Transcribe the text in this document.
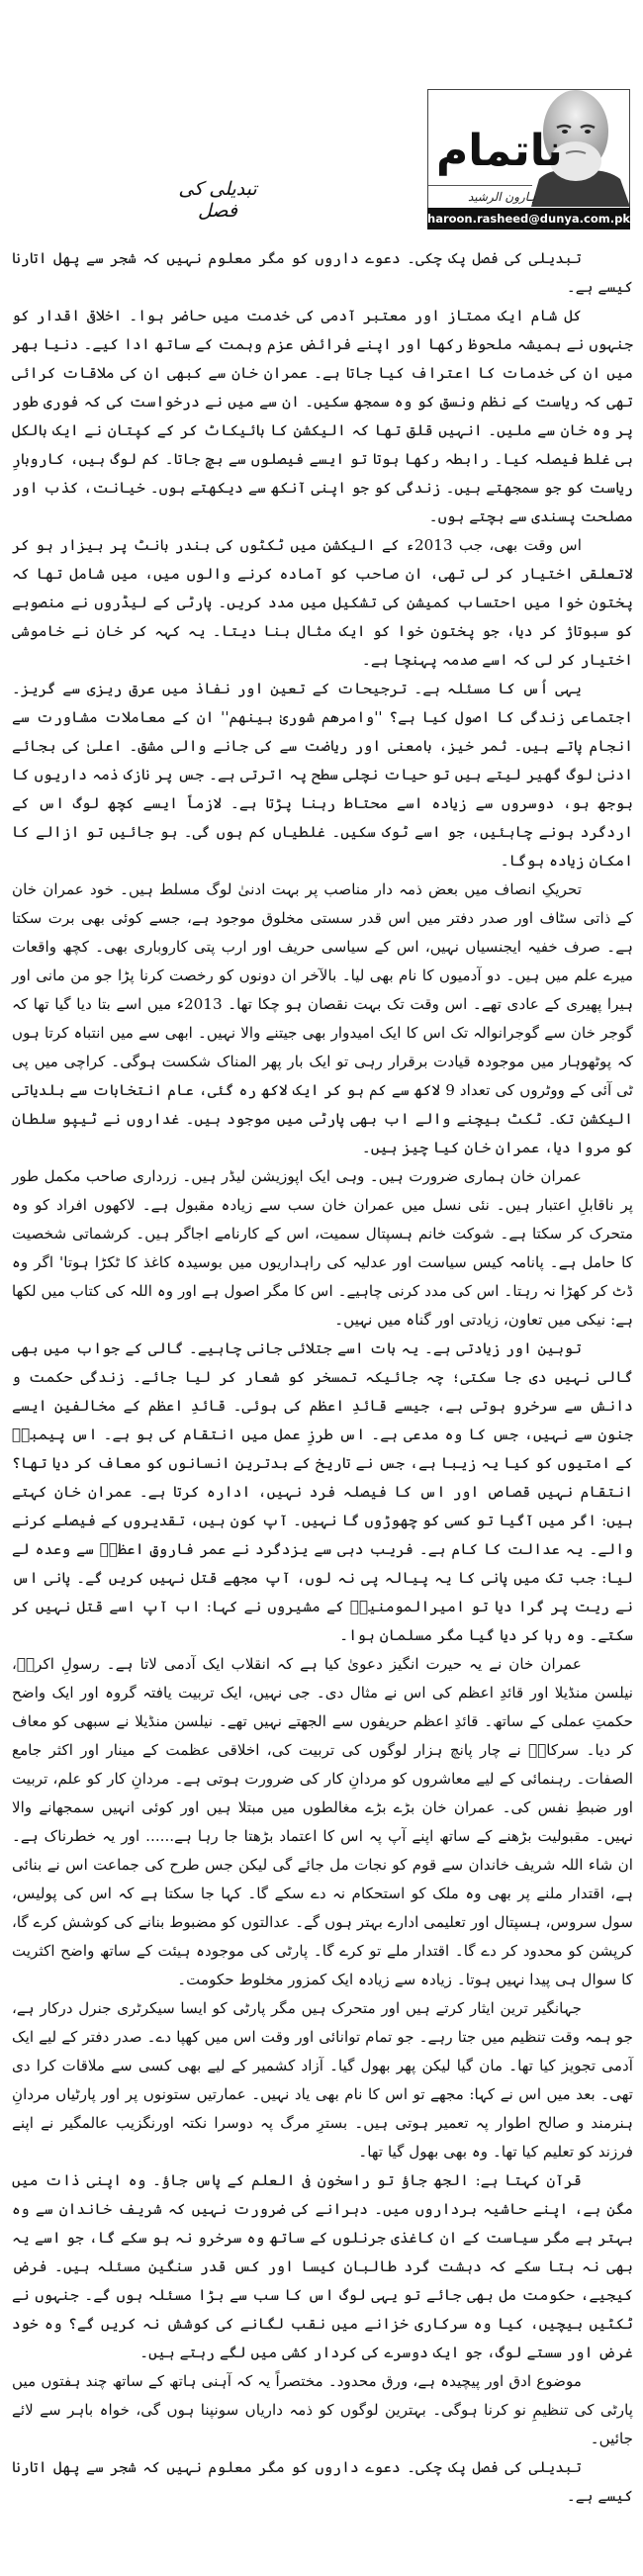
ناتمام
ہارون الرشید
haroon.rasheed@dunya.com.pk
تبدیلی کی فصل

تبدیلی کی فصل پک چکی۔ دعوے داروں کو مگر معلوم نہیں کہ شجر سے پھل اتارنا کیسے ہے۔

کل شام ایک ممتاز اور معتبر آدمی کی خدمت میں حاضر ہوا۔ اخلاقی اقدار کو جنہوں نے ہمیشہ ملحوظ رکھا اور اپنے فرائض عزم وہمت کے ساتھ ادا کیے۔ دنیا بھر میں ان کی خدمات کا اعتراف کیا جاتا ہے۔ عمران خان سے کبھی ان کی ملاقات کرائی تھی کہ ریاست کے نظم ونسق کو وہ سمجھ سکیں۔ ان سے میں نے درخواست کی کہ فوری طور پر وہ خان سے ملیں۔ انہیں قلق تھا کہ الیکشن کا بائیکاٹ کر کے کپتان نے ایک بالکل ہی غلط فیصلہ کیا۔ رابطہ رکھا ہوتا تو ایسے فیصلوں سے بچ جاتا۔ کم لوگ ہیں، کاروبارِ ریاست کو جو سمجھتے ہیں۔ زندگی کو جو اپنی آنکھ سے دیکھتے ہوں۔ خیانت، کذب اور مصلحت پسندی سے بچتے ہوں۔

اس وقت بھی، جب 2013ء کے الیکشن میں ٹکٹوں کی بندر بانٹ پر بیزار ہو کر لاتعلقی اختیار کر لی تھی، ان صاحب کو آمادہ کرنے والوں میں، میں شامل تھا کہ پختون خوا میں احتساب کمیشن کی تشکیل میں مدد کریں۔ پارٹی کے لیڈروں نے منصوبے کو سبوتاژ کر دیا، جو پختون خوا کو ایک مثال بنا دیتا۔ یہ کہہ کر خان نے خاموشی اختیار کر لی کہ اسے صدمہ پہنچا ہے۔

یہی اُس کا مسئلہ ہے۔ ترجیحات کے تعین اور نفاذ میں عرق ریزی سے گریز۔ اجتماعی زندگی کا اصول کیا ہے؟ ''وامرھم شوریٰ بینھم'' ان کے معاملات مشاورت سے انجام پاتے ہیں۔ ثمر خیز، بامعنی اور ریاضت سے کی جانے والی مشق۔ اعلیٰ کی بجائے ادنیٰ لوگ گھیر لیتے ہیں تو حیات نچلی سطح پہ اترتی ہے۔ جس پر نازک ذمہ داریوں کا بوجھ ہو، دوسروں سے زیادہ اسے محتاط رہنا پڑتا ہے۔ لازماً ایسے کچھ لوگ اس کے اردگرد ہونے چاہئیں، جو اسے ٹوک سکیں۔ غلطیاں کم ہوں گی۔ ہو جائیں تو ازالے کا امکان زیادہ ہوگا۔

تحریکِ انصاف میں بعض ذمہ دار مناصب پر بہت ادنیٰ لوگ مسلط ہیں۔ خود عمران خان کے ذاتی سٹاف اور صدر دفتر میں اس قدر سستی مخلوق موجود ہے، جسے کوئی بھی برت سکتا ہے۔ صرف خفیہ ایجنسیاں نہیں، اس کے سیاسی حریف اور ارب پتی کاروباری بھی۔ کچھ واقعات میرے علم میں ہیں۔ دو آدمیوں کا نام بھی لیا۔ بالآخر ان دونوں کو رخصت کرنا پڑا جو من مانی اور ہیرا پھیری کے عادی تھے۔ اس وقت تک بہت نقصان ہو چکا تھا۔ 2013ء میں اسے بتا دیا گیا تھا کہ گوجر خان سے گوجرانوالہ تک اس کا ایک امیدوار بھی جیتنے والا نہیں۔ ابھی سے میں انتباہ کرتا ہوں کہ پوٹھوہار میں موجودہ قیادت برقرار رہی تو ایک بار پھر المناک شکست ہوگی۔ کراچی میں پی ٹی آئی کے ووٹروں کی تعداد 9 لاکھ سے کم ہو کر ایک لاکھ رہ گئی، عام انتخابات سے بلدیاتی الیکشن تک۔ ٹکٹ بیچنے والے اب بھی پارٹی میں موجود ہیں۔ غداروں نے ٹیپو سلطان کو مروا دیا، عمران خان کیا چیز ہیں۔

عمران خان ہماری ضرورت ہیں۔ وہی ایک اپوزیشن لیڈر ہیں۔ زرداری صاحب مکمل طور پر ناقابلِ اعتبار ہیں۔ نئی نسل میں عمران خان سب سے زیادہ مقبول ہے۔ لاکھوں افراد کو وہ متحرک کر سکتا ہے۔ شوکت خانم ہسپتال سمیت، اس کے کارنامے اجاگر ہیں۔ کرشماتی شخصیت کا حامل ہے۔ پانامہ کیس سیاست اور عدلیہ کی راہداریوں میں بوسیدہ کاغذ کا ٹکڑا ہوتا' اگر وہ ڈٹ کر کھڑا نہ رہتا۔ اس کی مدد کرنی چاہیے۔ اس کا مگر اصول ہے اور وہ اللہ کی کتاب میں لکھا ہے: نیکی میں تعاون، زیادتی اور گناہ میں نہیں۔

توہین اور زیادتی ہے۔ یہ بات اسے جتلائی جانی چاہیے۔ گالی کے جواب میں بھی گالی نہیں دی جا سکتی؛ چہ جائیکہ تمسخر کو شعار کر لیا جائے۔ زندگی حکمت و دانش سے سرخرو ہوتی ہے، جیسے قائدِ اعظم کی ہوئی۔ قائدِ اعظم کے مخالفین ایسے جنون سے نہیں، جس کا وہ مدعی ہے۔ اس طرزِ عمل میں انتقام کی بو ہے۔ اس پیمبرؐ کے امتیوں کو کیا یہ زیبا ہے، جس نے تاریخ کے بدترین انسانوں کو معاف کر دیا تھا؟ انتقام نہیں قصاص اور اس کا فیصلہ فرد نہیں، ادارہ کرتا ہے۔ عمران خان کہتے ہیں: اگر میں آگیا تو کسی کو چھوڑوں گا نہیں۔ آپ کون ہیں، تقدیروں کے فیصلے کرنے والے۔ یہ عدالت کا کام ہے۔ فریب دہی سے یزدگرد نے عمر فاروقِ اعظمؓ سے وعدہ لے لیا: جب تک میں پانی کا یہ پیالہ پی نہ لوں، آپ مجھے قتل نہیں کریں گے۔ پانی اس نے ریت پر گرا دیا تو امیرالمومنینؓ کے مشیروں نے کہا: اب آپ اسے قتل نہیں کر سکتے۔ وہ رہا کر دیا گیا مگر مسلمان ہوا۔

عمران خان نے یہ حیرت انگیز دعویٰ کیا ہے کہ انقلاب ایک آدمی لاتا ہے۔ رسولِ اکرمؐ، نیلسن منڈیلا اور قائدِ اعظم کی اس نے مثال دی۔ جی نہیں، ایک تربیت یافتہ گروہ اور ایک واضح حکمتِ عملی کے ساتھ۔ قائدِ اعظم حریفوں سے الجھتے نہیں تھے۔ نیلسن منڈیلا نے سبھی کو معاف کر دیا۔ سرکارؐ نے چار پانچ ہزار لوگوں کی تربیت کی، اخلاقی عظمت کے مینار اور اکثر جامع الصفات۔ رہنمائی کے لیے معاشروں کو مردانِ کار کی ضرورت ہوتی ہے۔ مردانِ کار کو علم، تربیت اور ضبطِ نفس کی۔ عمران خان بڑے بڑے مغالطوں میں مبتلا ہیں اور کوئی انہیں سمجھانے والا نہیں۔ مقبولیت بڑھنے کے ساتھ اپنے آپ پہ اس کا اعتماد بڑھتا جا رہا ہے...... اور یہ خطرناک ہے۔ ان شاء اللہ شریف خاندان سے قوم کو نجات مل جائے گی لیکن جس طرح کی جماعت اس نے بنائی ہے، اقتدار ملنے پر بھی وہ ملک کو استحکام نہ دے سکے گا۔ کہا جا سکتا ہے کہ اس کی پولیس، سول سروس، ہسپتال اور تعلیمی ادارے بہتر ہوں گے۔ عدالتوں کو مضبوط بنانے کی کوشش کرے گا، کرپشن کو محدود کر دے گا۔ اقتدار ملے تو کرے گا۔ پارٹی کی موجودہ ہیئت کے ساتھ واضح اکثریت کا سوال ہی پیدا نہیں ہوتا۔ زیادہ سے زیادہ ایک کمزور مخلوط حکومت۔

جہانگیر ترین ایثار کرتے ہیں اور متحرک ہیں مگر پارٹی کو ایسا سیکرٹری جنرل درکار ہے، جو ہمہ وقت تنظیم میں جتا رہے۔ جو تمام توانائی اور وقت اس میں کھپا دے۔ صدر دفتر کے لیے ایک آدمی تجویز کیا تھا۔ مان گیا لیکن پھر بھول گیا۔ آزاد کشمیر کے لیے بھی کسی سے ملاقات کرا دی تھی۔ بعد میں اس نے کہا: مجھے تو اس کا نام بھی یاد نہیں۔ عمارتیں ستونوں پر اور پارٹیاں مردانِ ہنرمند و صالح اطوار پہ تعمیر ہوتی ہیں۔ بسترِ مرگ پہ دوسرا نکتہ اورنگزیب عالمگیر نے اپنے فرزند کو تعلیم کیا تھا۔ وہ بھی بھول گیا تھا۔

قرآن کہتا ہے: الجھ جاؤ تو راسخون فی العلم کے پاس جاؤ۔ وہ اپنی ذات میں مگن ہے، اپنے حاشیہ برداروں میں۔ دہرانے کی ضرورت نہیں کہ شریف خاندان سے وہ بہتر ہے مگر سیاست کے ان کاغذی جرنلوں کے ساتھ وہ سرخرو نہ ہو سکے گا، جو اسے یہ بھی نہ بتا سکے کہ دہشت گرد طالبان کیسا اور کس قدر سنگین مسئلہ ہیں۔ فرض کیجیے، حکومت مل بھی جائے تو یہی لوگ اس کا سب سے بڑا مسئلہ ہوں گے۔ جنہوں نے ٹکٹیں بیچیں، کیا وہ سرکاری خزانے میں نقب لگانے کی کوشش نہ کریں گے؟ وہ خود غرض اور سستے لوگ، جو ایک دوسرے کی کردار کشی میں لگے رہتے ہیں۔

موضوع ادق اور پیچیدہ ہے، ورق محدود۔ مختصراً یہ کہ آہنی ہاتھ کے ساتھ چند ہفتوں میں پارٹی کی تنظیمِ نو کرنا ہوگی۔ بہترین لوگوں کو ذمہ داریاں سونپنا ہوں گی، خواہ باہر سے لائے جائیں۔

تبدیلی کی فصل پک چکی۔ دعوے داروں کو مگر معلوم نہیں کہ شجر سے پھل اتارنا کیسے ہے۔
